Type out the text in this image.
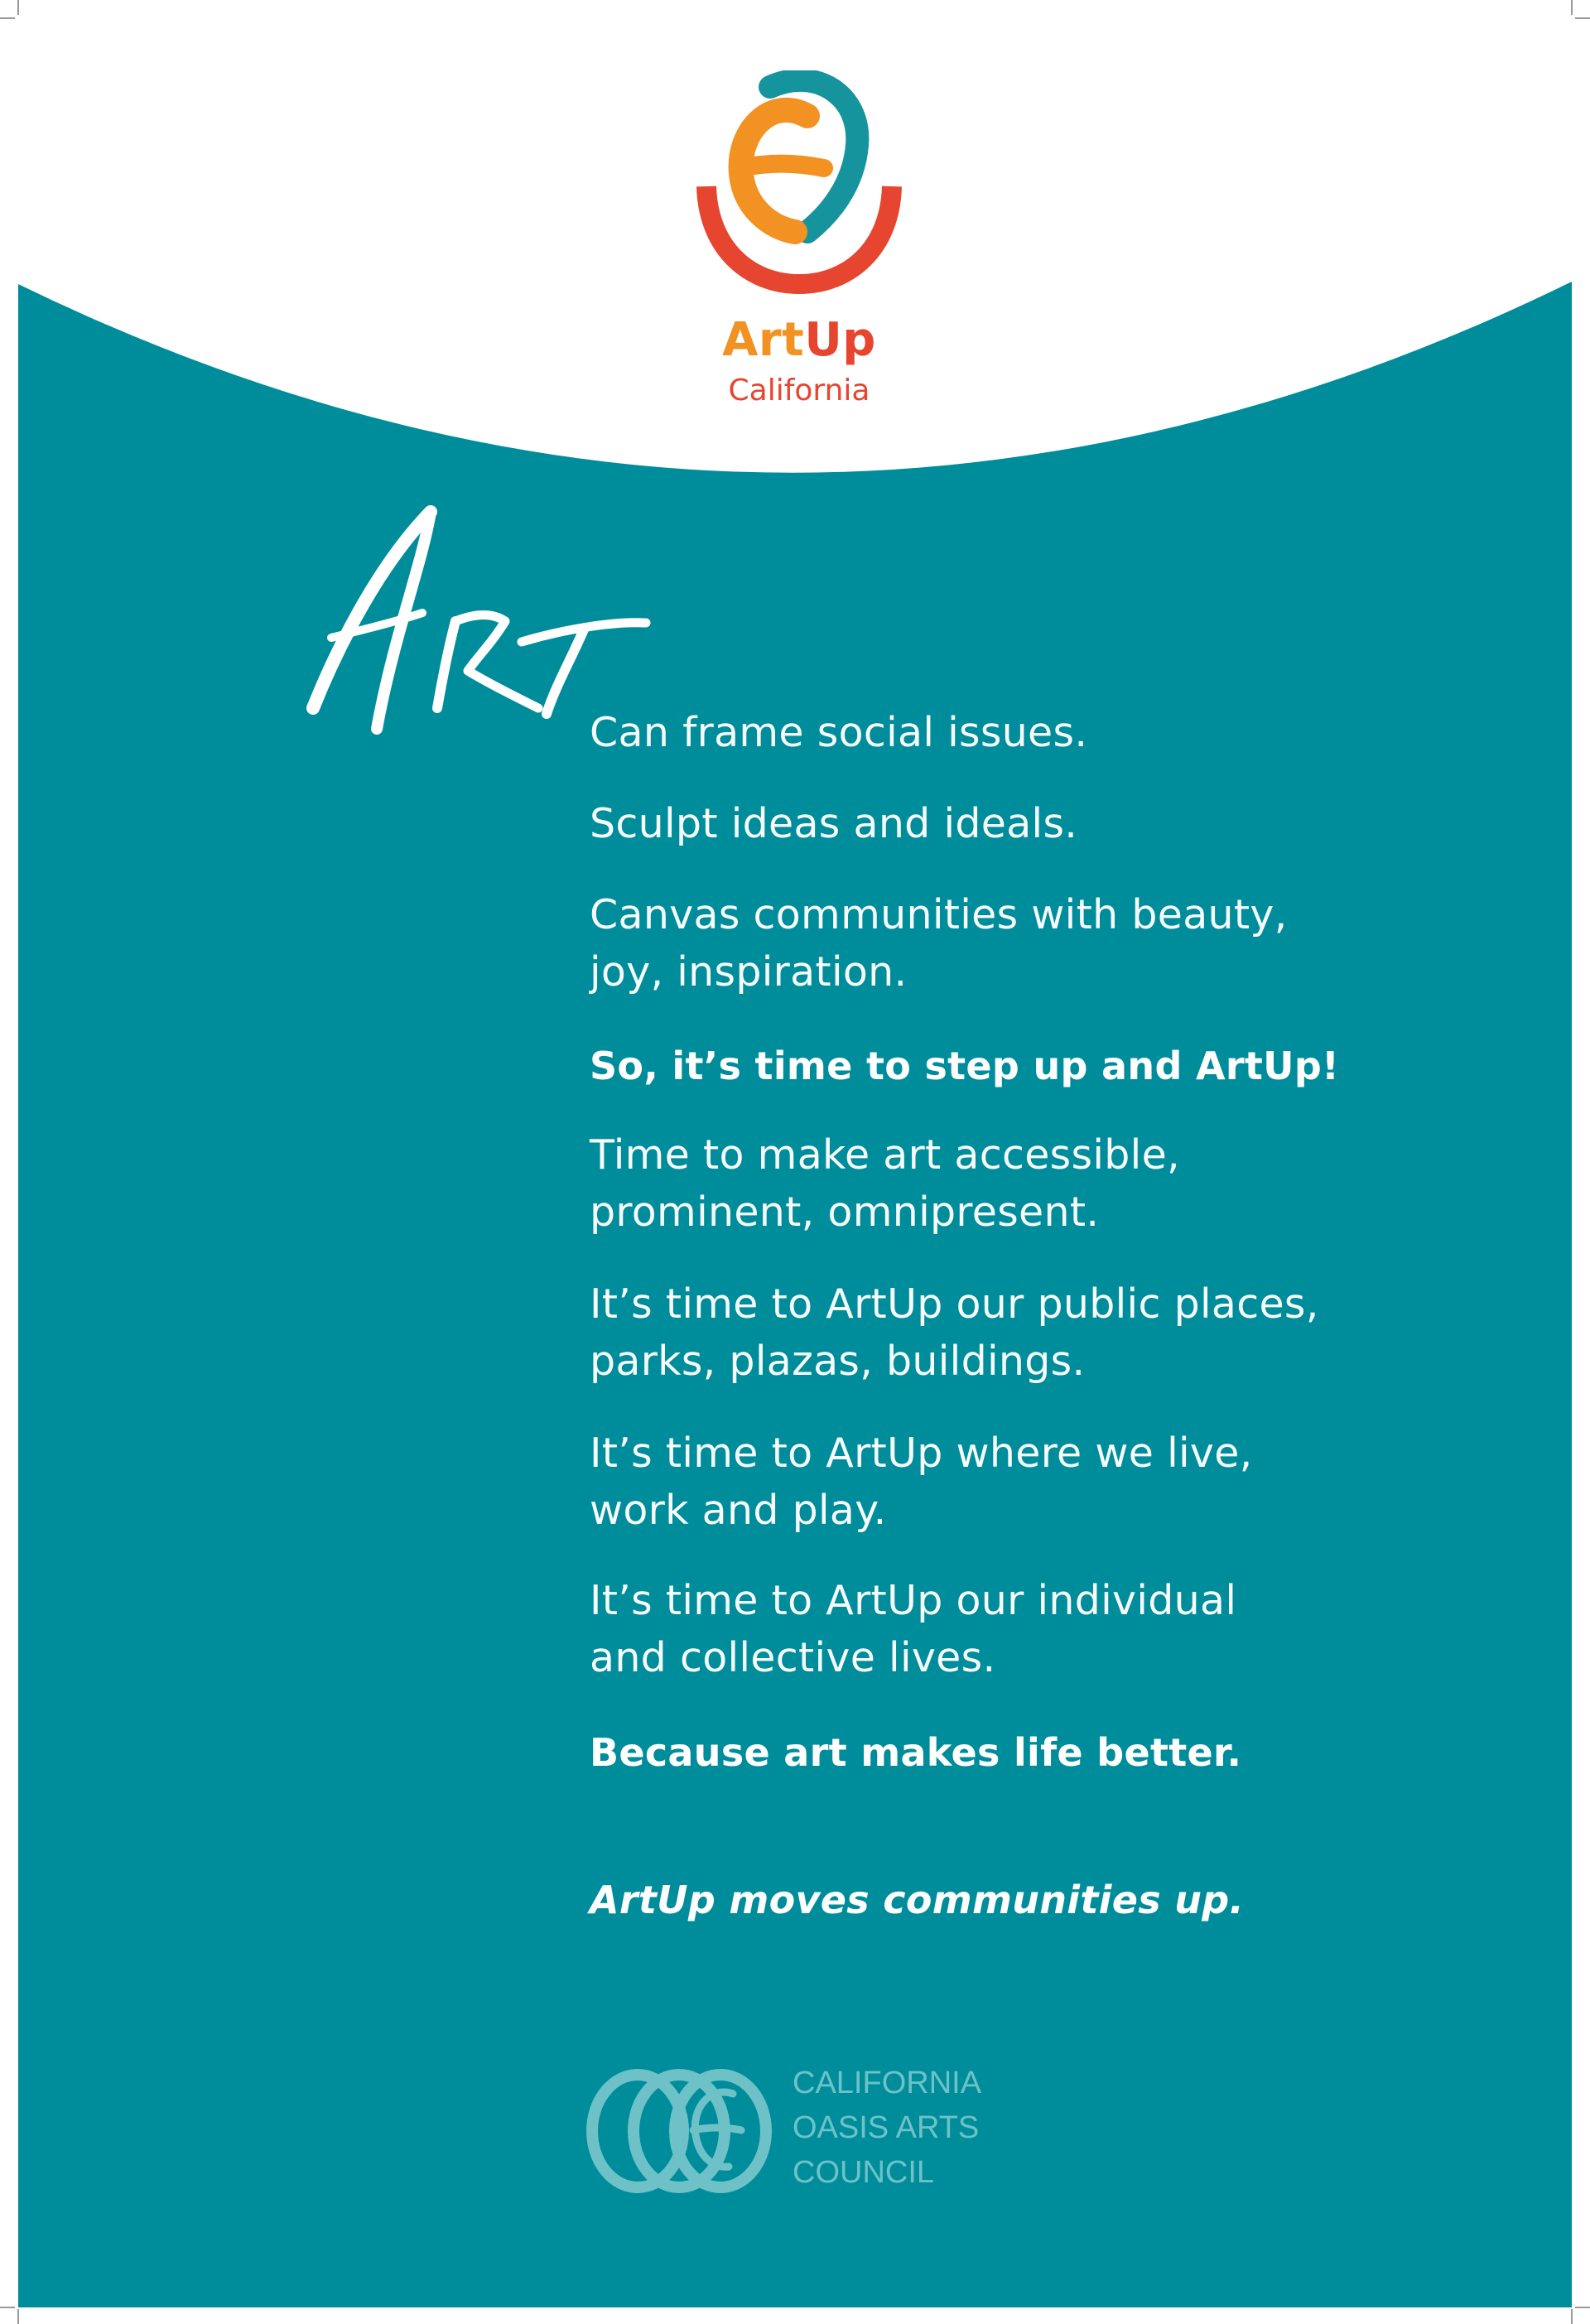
ArtUp
California

Can frame social issues.

Sculpt ideas and ideals.

Canvas communities with beauty,

joy, inspiration.

So, it’s time to step up and ArtUp!

Time to make art accessible,

prominent, omnipresent.

It’s time to ArtUp our public places,

parks, plazas, buildings.

It’s time to ArtUp where we live,

work and play.

It’s time to ArtUp our individual

and collective lives.

Because art makes life better.

ArtUp moves communities up.

CALIFORNIA
OASIS ARTS
COUNCIL
